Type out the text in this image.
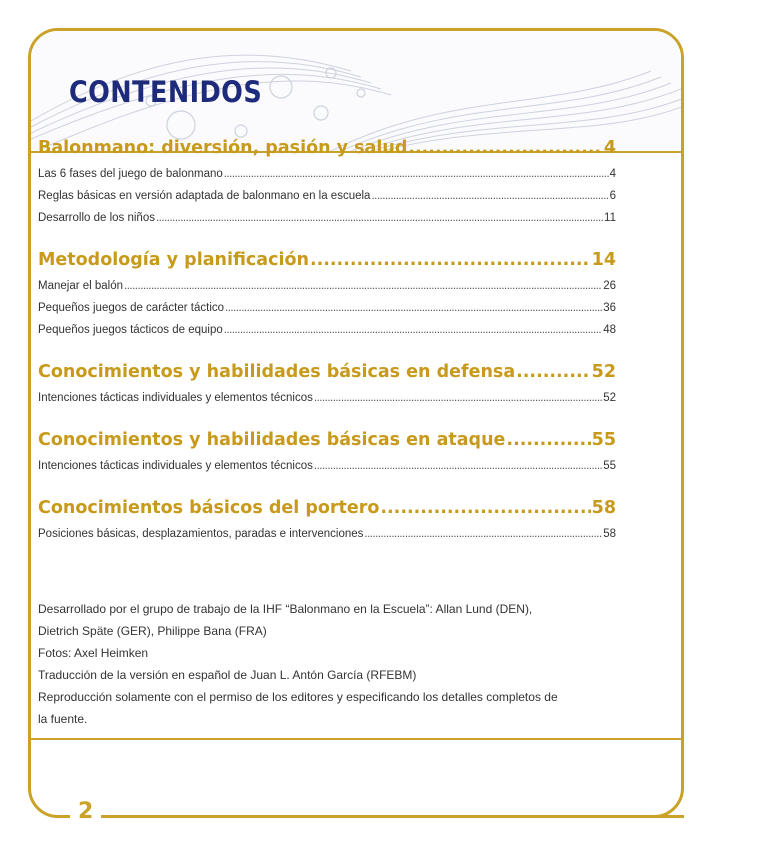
CONTENIDOS
Balonmano: diversión, pasión y salud .....	4
Las 6 fases del juego de balonmano .....	4
Reglas básicas en versión adaptada de balonmano en la escuela .....	6
Desarrollo de los niños .....	11
Metodología y planificación .....	14
Manejar el balón .....	26
Pequeños juegos de carácter táctico .....	36
Pequeños juegos tácticos de equipo .....	48
Conocimientos y habilidades básicas en defensa .....	52
Intenciones tácticas individuales y elementos técnicos .....	52
Conocimientos y habilidades básicas en ataque .....	55
Intenciones tácticas individuales y elementos técnicos .....	55
Conocimientos básicos del portero .....	58
Posiciones básicas, desplazamientos, paradas e intervenciones .....	58

Desarrollado por el grupo de trabajo de la IHF “Balonmano en la Escuela”: Allan Lund (DEN),

Dietrich Späte (GER), Philippe Bana (FRA)

Fotos: Axel Heimken

Traducción de la versión en español de Juan L. Antón García (RFEBM)

Reproducción solamente con el permiso de los editores y especificando los detalles completos de

la fuente.

2
